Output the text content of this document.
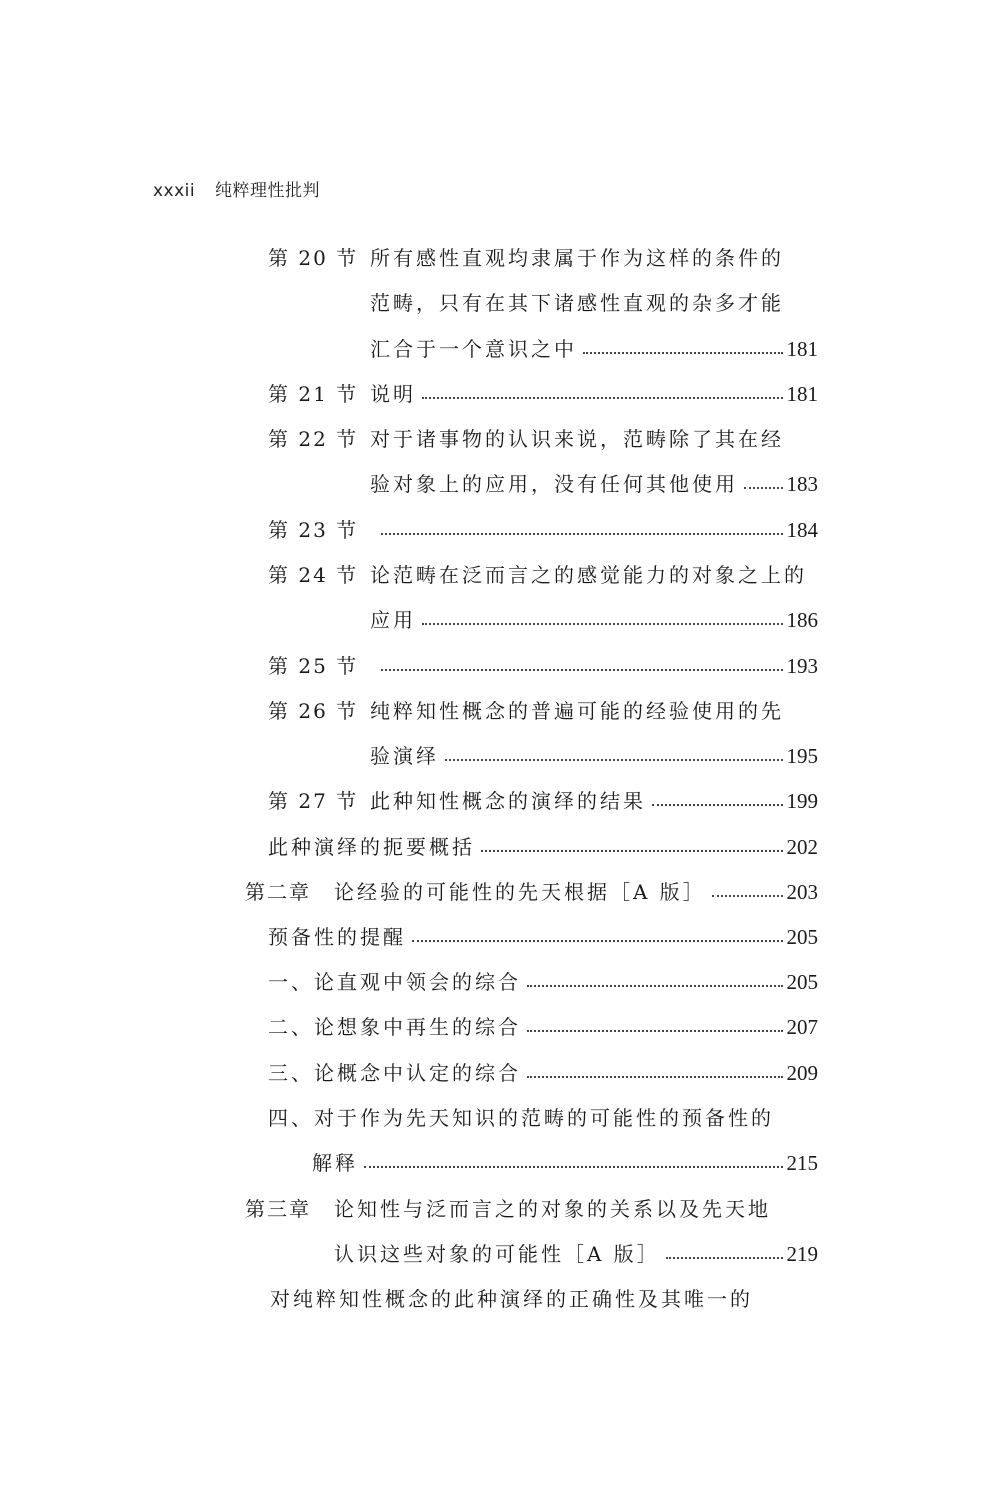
xxxii 纯粹理性批判
第 20 节 所有感性直观均隶属于作为这样的条件的
范畴，只有在其下诸感性直观的杂多才能
汇合于一个意识之中	181
第 21 节 说明	181
第 22 节 对于诸事物的认识来说，范畴除了其在经
验对象上的应用，没有任何其他使用 183
第 23 节	184
第 24 节 论范畴在泛而言之的感觉能力的对象之上的
应用	186
第 25 节	193
第 26 节 纯粹知性概念的普遍可能的经验使用的先
验演绎	195
第 27 节 此种知性概念的演绎的结果	199
此种演绎的扼要概括	202
第二章 论经验的可能性的先天根据［A 版］	203
预备性的提醒	205
一、论直观中领会的综合	205
二、论想象中再生的综合	207
三、论概念中认定的综合	209
四、对于作为先天知识的范畴的可能性的预备性的
解释	215
第三章 论知性与泛而言之的对象的关系以及先天地
认识这些对象的可能性［A 版］	219
对纯粹知性概念的此种演绎的正确性及其唯一的
